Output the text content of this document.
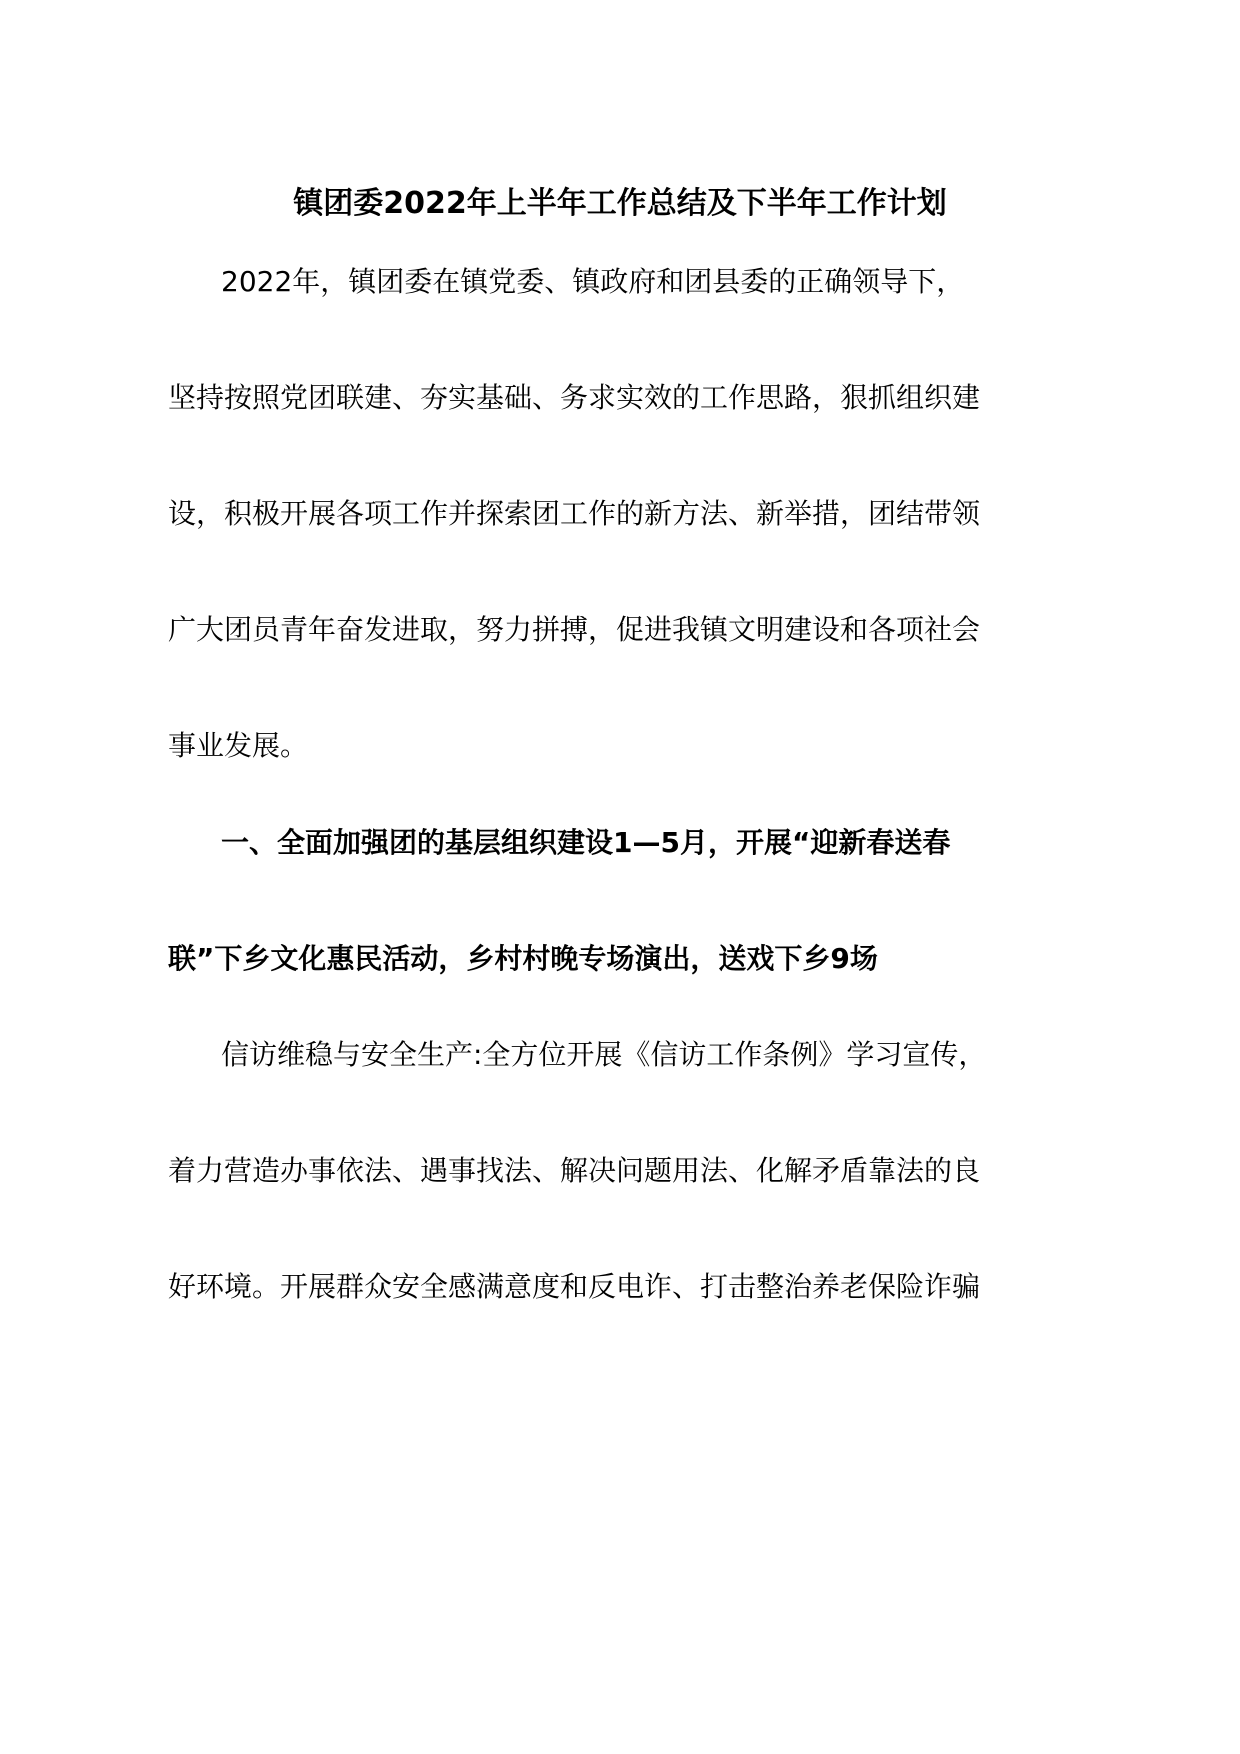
镇团委2022年上半年工作总结及下半年工作计划
2022年，镇团委在镇党委、镇政府和团县委的正确领导下，
坚持按照党团联建、夯实基础、务求实效的工作思路，狠抓组织建
设，积极开展各项工作并探索团工作的新方法、新举措，团结带领
广大团员青年奋发进取，努力拼搏，促进我镇文明建设和各项社会
事业发展。
一、全面加强团的基层组织建设1—5月，开展“迎新春送春
联”下乡文化惠民活动，乡村村晚专场演出，送戏下乡9场
信访维稳与安全生产:全方位开展《信访工作条例》学习宣传，
着力营造办事依法、遇事找法、解决问题用法、化解矛盾靠法的良
好环境。开展群众安全感满意度和反电诈、打击整治养老保险诈骗
